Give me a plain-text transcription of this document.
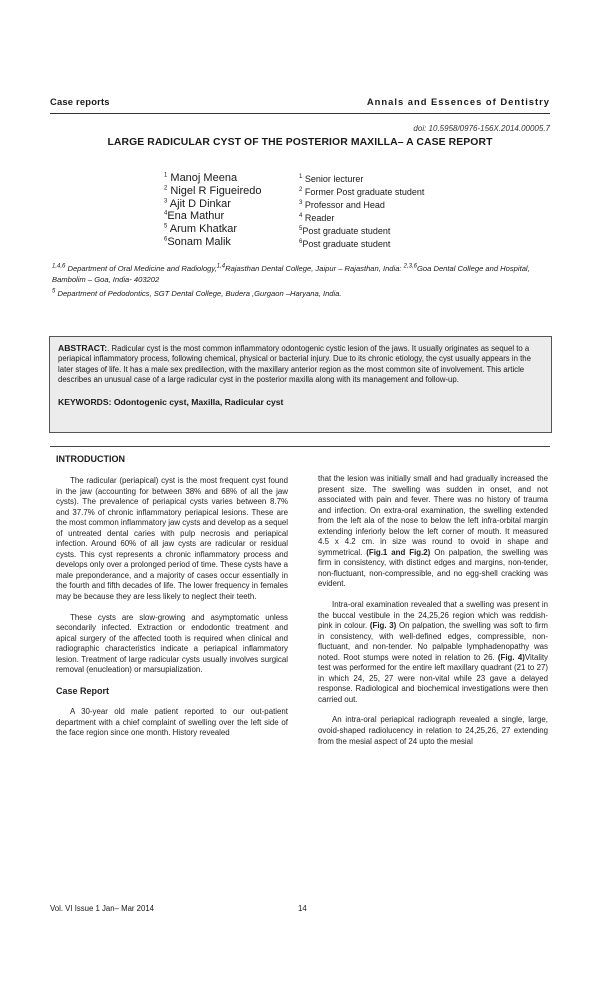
Case reports	Annals and Essences of Dentistry
doi: 10.5958/0976-156X.2014.00005.7
LARGE RADICULAR CYST OF THE POSTERIOR MAXILLA– A CASE REPORT
$^1$ Manoj Meena
$^2$ Nigel R Figueiredo
$^3$ Ajit D Dinkar
$^4$Ena Mathur
$^5$ Arum Khatkar
$^6$Sonam Malik
$^1$ Senior lecturer
$^2$ Former Post graduate student
$^3$ Professor and Head
$^4$ Reader
$^5$Post graduate student
$^6$Post graduate student
$^{1,4,6}$ Department of Oral Medicine and Radiology,$^{1,4}$Rajasthan Dental College, Jaipur – Rajasthan, India: $^{2,3,6}$Goa Dental College and Hospital, Bambolim – Goa, India- 403202
$^5$ Department of Pedodontics, SGT Dental College, Budera ,Gurgaon –Haryana, India.
ABSTRACT:. Radicular cyst is the most common inflammatory odontogenic cystic lesion of the jaws. It usually originates as sequel to a periapical inflammatory process, following chemical, physical or bacterial injury. Due to its chronic etiology, the cyst usually appears in the later stages of life. It has a male sex predilection, with the maxillary anterior region as the most common site of involvement. This article describes an unusual case of a large radicular cyst in the posterior maxilla along with its management and follow-up.
KEYWORDS: Odontogenic cyst, Maxilla, Radicular cyst
INTRODUCTION

The radicular (periapical) cyst is the most frequent cyst found in the jaw (accounting for between 38% and 68% of all the jaw cysts). The prevalence of periapical cysts varies between 8.7% and 37.7% of chronic inflammatory periapical lesions. These are the most common inflammatory jaw cysts and develop as a sequel of untreated dental caries with pulp necrosis and periapical infection. Around 60% of all jaw cysts are radicular or residual cysts. This cyst represents a chronic inflammatory process and develops only over a prolonged period of time. These cysts have a male preponderance, and a majority of cases occur essentially in the fourth and fifth decades of life. The lower frequency in females may be because they are less likely to neglect their teeth.

These cysts are slow-growing and asymptomatic unless secondarily infected. Extraction or endodontic treatment and apical surgery of the affected tooth is required when clinical and radiographic characteristics indicate a periapical inflammatory lesion. Treatment of large radicular cysts usually involves surgical removal (enucleation) or marsupialization.

Case Report

A 30-year old male patient reported to our out-patient department with a chief complaint of swelling over the left side of the face region since one month. History revealed

that the lesion was initially small and had gradually increased the present size. The swelling was sudden in onset, and not associated with pain and fever. There was no history of trauma and infection. On extra-oral examination, the swelling extended from the left ala of the nose to below the left infra-orbital margin extending inferiorly below the left corner of mouth. It measured 4.5 x 4.2 cm. in size was round to ovoid in shape and symmetrical. (Fig.1 and Fig.2) On palpation, the swelling was firm in consistency, with distinct edges and margins, non-tender, non-fluctuant, non-compressible, and no egg-shell cracking was evident.

Intra-oral examination revealed that a swelling was present in the buccal vestibule in the 24,25,26 region which was reddish-pink in colour. (Fig. 3) On palpation, the swelling was soft to firm in consistency, with well-defined edges, compressible, non-fluctuant, and non-tender. No palpable lymphadenopathy was noted. Root stumps were noted in relation to 26. (Fig. 4)Vitality test was performed for the entire left maxillary quadrant (21 to 27) in which 24, 25, 27 were non-vital while 23 gave a delayed response. Radiological and biochemical investigations were then carried out.

An intra-oral periapical radiograph revealed a single, large, ovoid-shaped radiolucency in relation to 24,25,26, 27 extending from the mesial aspect of 24 upto the mesial

Vol. VI Issue 1 Jan– Mar 2014	14
